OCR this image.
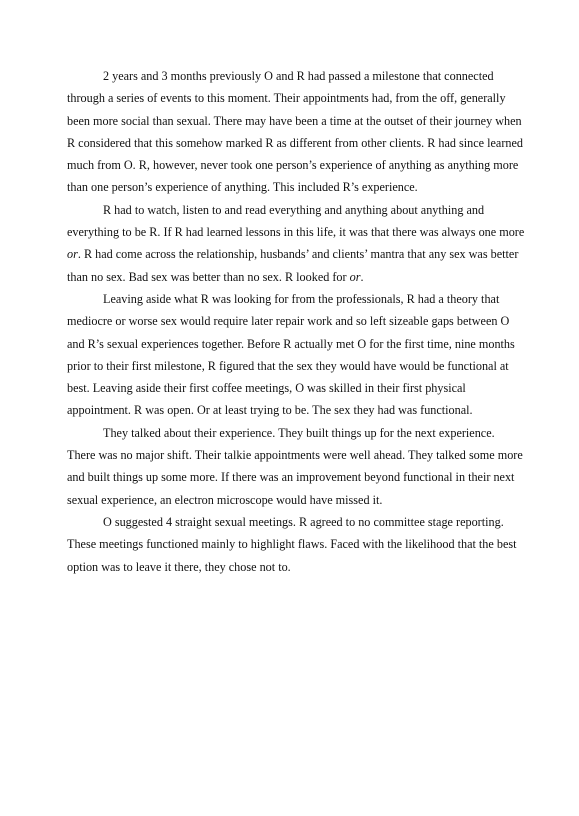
2 years and 3 months previously O and R had passed a milestone that connected
through a series of events to this moment. Their appointments had, from the off, generally
been more social than sexual. There may have been a time at the outset of their journey when
R considered that this somehow marked R as different from other clients. R had since learned
much from O. R, however, never took one person’s experience of anything as anything more
than one person’s experience of anything. This included R’s experience.
R had to watch, listen to and read everything and anything about anything and
everything to be R. If R had learned lessons in this life, it was that there was always one more
or. R had come across the relationship, husbands’ and clients’ mantra that any sex was better
than no sex. Bad sex was better than no sex. R looked for or.
Leaving aside what R was looking for from the professionals, R had a theory that
mediocre or worse sex would require later repair work and so left sizeable gaps between O
and R’s sexual experiences together. Before R actually met O for the first time, nine months
prior to their first milestone, R figured that the sex they would have would be functional at
best. Leaving aside their first coffee meetings, O was skilled in their first physical
appointment. R was open. Or at least trying to be. The sex they had was functional.
They talked about their experience. They built things up for the next experience.
There was no major shift. Their talkie appointments were well ahead. They talked some more
and built things up some more. If there was an improvement beyond functional in their next
sexual experience, an electron microscope would have missed it.
O suggested 4 straight sexual meetings. R agreed to no committee stage reporting.
These meetings functioned mainly to highlight flaws. Faced with the likelihood that the best
option was to leave it there, they chose not to.
